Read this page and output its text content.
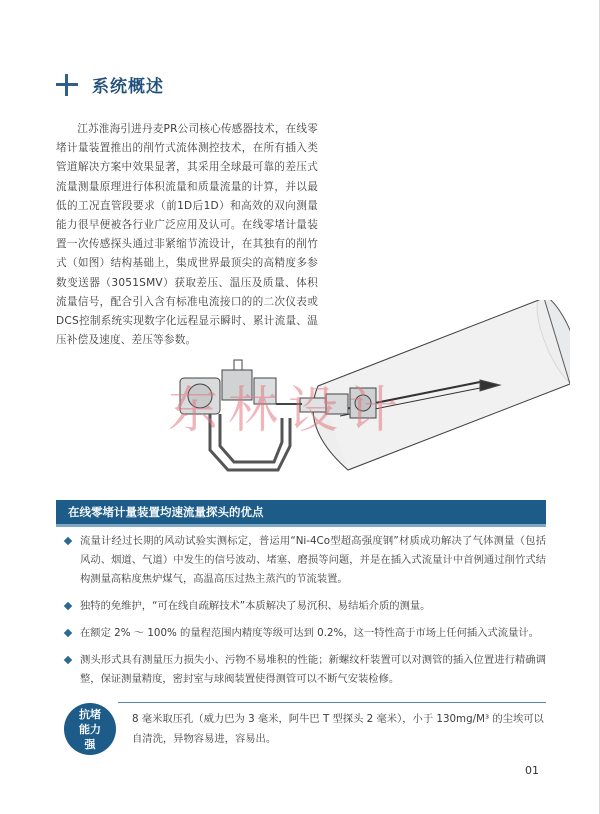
系统概述

江苏淮海引进丹麦PR公司核心传感器技术，在线零堵计量装置推出的削竹式流体测控技术，在所有插入类管道解决方案中效果显著，其采用全球最可靠的差压式流量测量原理进行体积流量和质量流量的计算，并以最低的工况直管段要求（前1D后1D）和高效的双向测量能力很早便被各行业广泛应用及认可。在线零堵计量装置一次传感探头通过非紧缩节流设计，在其独有的削竹式（如图）结构基础上，集成世界最顶尖的高精度多参数变送器（3051SMV）获取差压、温压及质量、体积流量信号，配合引入含有标准电流接口的的二次仪表或DCS控制系统实现数字化远程显示瞬时、累计流量、温压补偿及速度、差压等参数。

东林设计
在线零堵计量装置均速流量探头的优点
流量计经过长期的风动试验实测标定，普运用“Ni-4Co型超高强度钢”材质成功解决了气体测量（包括风动、烟道、气道）中发生的信号波动、堵塞、磨损等问题，并是在插入式流量计中首例通过削竹式结构测量高粘度焦炉煤气，高温高压过热主蒸汽的节流装置。
独特的免维护，“可在线自疏解技术”本质解决了易沉积、易结垢介质的测量。
在额定 2% ～ 100% 的量程范围内精度等级可达到 0.2%，这一特性高于市场上任何插入式流量计。
测头形式具有测量压力损失小、污物不易堆积的性能；新螺纹杆装置可以对测管的插入位置进行精确调整，保证测量精度，密封室与球阀装置使得测管可以不断气安装检修。
抗堵能力强
8 毫米取压孔（威力巴为 3 毫米，阿牛巴 T 型探头 2 毫米），小于 130mg/M³ 的尘埃可以自清洗，异物容易进，容易出。
01
